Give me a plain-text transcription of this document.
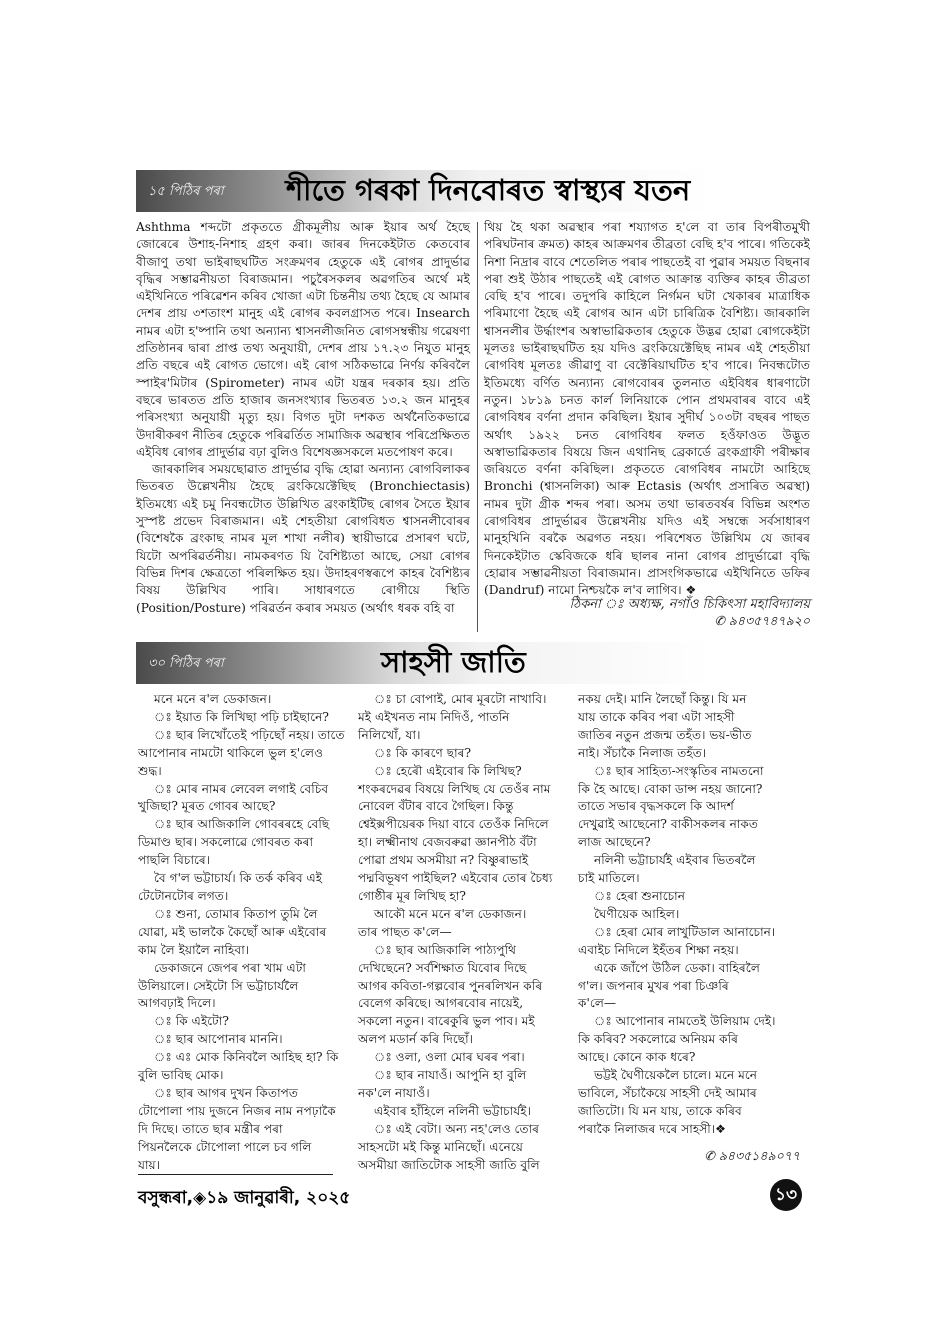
১৫ পিঠিৰ পৰা শীতে গৰকা দিনবোৰত স্বাস্থ্যৰ যতন

Ashthma শব্দটো প্ৰকৃততে গ্ৰীকমূলীয় আৰু ইয়াৰ অৰ্থ হৈছে জোৰেৰে উশাহ-নিশাহ গ্ৰহণ কৰা। জাৰৰ দিনকেইটাত কেতবোৰ বীজাণু তথা ভাইৰাছঘটিত সংক্ৰমণৰ হেতুকে এই ৰোগৰ প্ৰাদুৰ্ভাৱ বৃদ্ধিৰ সম্ভাৱনীয়তা বিৰাজমান। পচুৰৈসকলৰ অৱগতিৰ অৰ্থে মই এইখিনিতে পৰিৱেশন কৰিব খোজা এটা চিন্তনীয় তথ্য হৈছে যে আমাৰ দেশৰ প্ৰায় ৩শতাংশ মানুহ এই ৰোগৰ কবলগ্ৰাসত পৰে। Insearch নামৰ এটা হ'ষ্পানি তথা অন্যান্য শ্বাসনলীজনিত ৰোগসম্বন্ধীয় গৱেষণা প্ৰতিষ্ঠানৰ দ্বাৰা প্ৰাপ্ত তথ্য অনুযায়ী, দেশৰ প্ৰায় ১৭.২৩ নিযুত মানুহ প্ৰতি বছৰে এই ৰোগত ভোগে। এই ৰোগ সঠিকভাৱে নিৰ্ণয় কৰিবলৈ স্পাইৰ'মিটাৰ (Spirometer) নামৰ এটা যন্ত্ৰৰ দৰকাৰ হয়। প্ৰতি বছৰে ভাৰতত প্ৰতি হাজাৰ জনসংখ্যাৰ ভিতৰত ১৩.২ জন মানুহৰ পৰিসংখ্যা অনুযায়ী মৃত্যু হয়। বিগত দুটা দশকত অৰ্থনৈতিকভাৱে উদাৰীকৰণ নীতিৰ হেতুকে পৰিৱৰ্তিত সামাজিক অৱস্থাৰ পৰিপ্ৰেক্ষিতত এইবিধ ৰোগৰ প্ৰাদুৰ্ভাৱ বঢ়া বুলিও বিশেষজ্ঞসকলে মতপোষণ কৰে।

জাৰকালিৰ সময়ছোৱাত প্ৰাদুৰ্ভাৱ বৃদ্ধি হোৱা অন্যান্য ৰোগবিলাকৰ ভিতৰত উল্লেখনীয় হৈছে ব্ৰংকিয়েক্টেছিছ (Bronchiectasis) ইতিমধ্যে এই চমু নিবন্ধটোত উল্লিখিত ব্ৰংকাইটিছ ৰোগৰ সৈতে ইয়াৰ সুস্পষ্ট প্ৰভেদ বিৰাজমান। এই শেহতীয়া ৰোগবিধত শ্বাসনলীবোৰৰ (বিশেষকৈ ব্ৰংকাছ নামৰ মূল শাখা নলীৰ) স্থায়ীভাৱে প্ৰসাৰণ ঘটে, যিটো অপৰিৱৰ্তনীয়। নামকৰণত যি বৈশিষ্ট্যতা আছে, সেয়া ৰোগৰ বিভিন্ন দিশৰ ক্ষেত্ৰতো পৰিলক্ষিত হয়। উদাহৰণস্বৰূপে কাহৰ বৈশিষ্ট্যৰ বিষয় উল্লিখিব পাৰি। সাধাৰণতে ৰোগীয়ে স্থিতি (Position/Posture) পৰিৱৰ্তন কৰাৰ সময়ত (অৰ্থাৎ ধৰক বহি বা

থিয় হৈ থকা অৱস্থাৰ পৰা শয্যাগত হ'লে বা তাৰ বিপৰীতমুখী পৰিঘটনাৰ ক্ৰমত) কাহৰ আক্ৰমণৰ তীব্ৰতা বেছি হ'ব পাৰে। গতিকেই নিশা নিদ্ৰাৰ বাবে শেতেলিত পৰাৰ পাছতেই বা পুৱাৰ সময়ত বিছনাৰ পৰা শুই উঠাৰ পাছতেই এই ৰোগত আক্ৰান্ত ব্যক্তিৰ কাহৰ তীব্ৰতা বেছি হ'ব পাৰে। তদুপৰি কাহিলে নিৰ্গমন ঘটা খেকাৰৰ মাত্ৰাধিক পৰিমাণো হৈছে এই ৰোগৰ আন এটা চাৰিত্ৰিক বৈশিষ্ট্য। জাৰকালি শ্বাসনলীৰ উৰ্দ্ধাংশৰ অস্বাভাৱিকতাৰ হেতুকে উদ্ভৱ হোৱা ৰোগকেইটা মূলতঃ ভাইৰাছঘটিত হয় যদিও ব্ৰংকিয়েক্টেছিছ নামৰ এই শেহতীয়া ৰোগবিধ মূলতঃ জীৱাণু বা বেক্টেৰিয়াঘটিত হ'ব পাৰে। নিবন্ধটোত ইতিমধ্যে বৰ্ণিত অন্যান্য ৰোগবোৰৰ তুলনাত এইবিধৰ ধাৰণাটো নতুন। ১৮১৯ চনত কাৰ্ল লিনিয়াকে পোন প্ৰথমবাৰৰ বাবে এই ৰোগবিধৰ বৰ্ণনা প্ৰদান কৰিছিল। ইয়াৰ সুদীৰ্ঘ ১০৩টা বছৰৰ পাছত অৰ্থাৎ ১৯২২ চনত ৰোগবিধৰ ফলত হওঁফাওত উদ্ভূত অস্বাভাৱিকতাৰ বিষয়ে জিন এথানিছ ব্ৰেকাৰ্ডে ব্ৰংকগ্ৰাফী পৰীক্ষাৰ জৰিয়তে বৰ্ণনা কৰিছিল। প্ৰকৃততে ৰোগবিধৰ নামটো আহিছে Bronchi (শ্বাসনলিকা) আৰু Ectasis (অৰ্থাৎ প্ৰসাৰিত অৱস্থা) নামৰ দুটা গ্ৰীক শব্দৰ পৰা। অসম তথা ভাৰতবৰ্ষৰ বিভিন্ন অংশত ৰোগবিধৰ প্ৰাদুৰ্ভাৱৰ উল্লেখনীয় যদিও এই সম্বন্ধে সৰ্বসাধাৰণ মানুহখিনি বৰকৈ অৱগত নহয়। পৰিশেষত উল্লিখিম যে জাৰৰ দিনকেইটাত স্কেবিজকে ধৰি ছালৰ নানা ৰোগৰ প্ৰাদুৰ্ভাৱো বৃদ্ধি হোৱাৰ সম্ভাৱনীয়তা বিৰাজমান। প্ৰাসংগিকভাৱে এইখিনিতে ডফিৰ (Dandruf) নামো নিশ্চয়কৈ ল'ব লাগিব। ❖

ঠিকনা ঃ অধ্যক্ষ, নগাঁও চিকিৎসা মহাবিদ্যালয়
✆ ৯৪৩৫৭৪৭৯২০
৩০ পিঠিৰ পৰা	সাহসী জাতি
মনে মনে ৰ'ল ডেকাজন।
ঃ ইয়াত কি লিখিছা পঢ়ি চাইছানে?
ঃ ছাৰ লিখোঁতেই পঢ়িছোঁ নহয়। তাতে
আপোনাৰ নামটো থাকিলে ভুল হ'লেও
শুদ্ধ।
ঃ মোৰ নামৰ লেবেল লগাই বেচিব
খুজিছা? মূৰত গোবৰ আছে?
ঃ ছাৰ আজিকালি গোবৰৰহে বেছি
ডিমাণ্ড ছাৰ। সকলোৱে গোবৰত কৰা
পাছলি বিচাৰে।
বৈ গ'ল ভট্টাচাৰ্য। কি তৰ্ক কৰিব এই
টেটোনটোৰ লগত।
ঃ শুনা, তোমাৰ কিতাপ তুমি লৈ
যোৱা, মই ভালকৈ কৈছোঁ আৰু এইবোৰ
কাম লৈ ইয়ালৈ নাহিবা।
ডেকাজনে জেপৰ পৰা খাম এটা
উলিয়ালে। সেইটো সি ভট্টাচাৰ্যলৈ
আগবঢ়াই দিলে।
ঃ কি এইটো?
ঃ ছাৰ আপোনাৰ মাননি।
ঃ এঃ মোক কিনিবলৈ আহিছ হা? কি
বুলি ভাবিছ মোক।
ঃ ছাৰ আগৰ দুখন কিতাপত
টোপোলা পায় দুজনে নিজৰ নাম নপঢ়াকৈ
দি দিছে। তাতে ছাৰ মন্ত্ৰীৰ পৰা
পিয়নলৈকে টোপোলা পালে চব গলি
যায়।
ঃ চা বোপাই, মোৰ মূৰটো নাখাবি।
মই এইখনত নাম নিদিওঁ, পাতনি
নিলিখোঁ, যা।
ঃ কি কাৰণে ছাৰ?
ঃ হেৰৌ এইবোৰ কি লিখিছ?
শংকৰদেৱৰ বিষয়ে লিখিছ যে তেওঁৰ নাম
নোবেল বঁটাৰ বাবে গৈছিল। কিন্তু
শ্বেইক্সপীয়েৰক দিয়া বাবে তেওঁক নিদিলে
হা। লক্ষ্মীনাথ বেজবৰুৱা জ্ঞানপীঠ বঁটা
পোৱা প্ৰথম অসমীয়া ন? বিষ্ণুৰাভাই
পদ্মবিভূষণ পাইছিল? এইবোৰ তোৰ চৈধ্য
গোষ্ঠীৰ মূৰ লিখিছ হা?
আকৌ মনে মনে ৰ'ল ডেকাজন।
তাৰ পাছত ক'লে—
ঃ ছাৰ আজিকালি পাঠ্যপুথি
দেখিছেনে? সৰ্বশিক্ষাত যিবোৰ দিছে
আগৰ কবিতা-গল্পবোৰ পুনৰলিখন কৰি
বেলেগ কৰিছে। আগৰবোৰ নায়েই,
সকলো নতুন। বাৰেকুৰি ভুল পাব। মই
অলপ মডাৰ্ন কৰি দিছোঁ।
ঃ ওলা, ওলা মোৰ ঘৰৰ পৰা।
ঃ ছাৰ নাযাওঁ। আপুনি হা বুলি
নক'লে নাযাওঁ।
এইবাৰ হাঁহিলে নলিনী ভট্টাচাৰ্যই।
ঃ এই বেটা। অন্য নহ'লেও তোৰ
সাহসটো মই কিন্তু মানিছোঁ। এনেয়ে
অসমীয়া জাতিটোক সাহসী জাতি বুলি
নকয় দেই। মানি লৈছোঁ কিন্তু। যি মন
যায় তাকে কৰিব পৰা এটা সাহসী
জাতিৰ নতুন প্ৰজন্ম তহঁত। ভয়-ভীত
নাই। সঁচাকৈ নিলাজ তহঁত।
ঃ ছাৰ সাহিত্য-সংস্কৃতিৰ নামতনো
কি হৈ আছে। বোকা ডান্স নহয় জানো?
তাতে সভাৰ বৃদ্ধসকলে কি আদৰ্শ
দেখুৱাই আছেনো? বাকীসকলৰ নাকত
লাজ আছেনে?
নলিনী ভট্টাচাৰ্যই এইবাৰ ভিতৰলৈ
চাই মাতিলে।
ঃ হেৰা শুনাচোন
ঘৈণীয়েক আহিল।
ঃ হেৰা মোৰ লাখুটিডাল আনাচোন।
এবাইচ নিদিলে ইহঁতৰ শিক্ষা নহয়।
একে জাঁপে উঠিল ডেকা। বাহিৰলৈ
গ'ল। জপনাৰ মুখৰ পৰা চিঞৰি
ক'লে—
ঃ আপোনাৰ নামতেই উলিয়াম দেই।
কি কৰিব? সকলোৱে অনিয়ম কৰি
আছে। কোনে কাক ধৰে?
ভট্টই ঘৈণীয়েকলৈ চালে। মনে মনে
ভাবিলে, সঁচাকৈয়ে সাহসী দেই আমাৰ
জাতিটো। যি মন যায়, তাকে কৰিব
পৰাকৈ নিলাজৰ দৰে সাহসী।❖
✆ ৯৪৩৫১৪৯০৭৭
বসুন্ধৰা,◈১৯ জানুৱাৰী, ২০২৫	১৩
